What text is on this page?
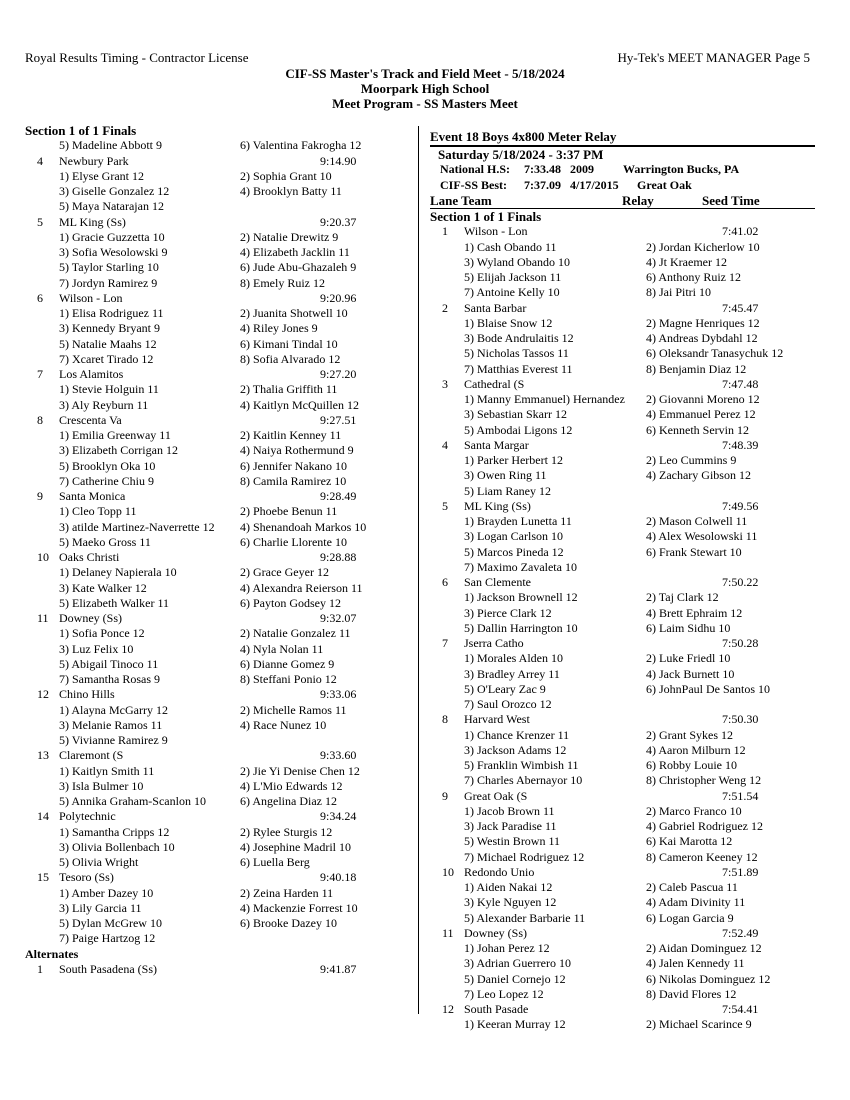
Royal Results Timing - Contractor License	Hy-Tek's MEET MANAGER Page 5
CIF-SS Master's Track and Field Meet - 5/18/2024
Moorpark High School
Meet Program - SS Masters Meet
Section 1 of 1 Finals
5) Madeline Abbott 9	6) Valentina Fakrogha 12
4 Newbury Park	9:14.90
1) Elyse Grant 12	2) Sophia Grant 10
3) Giselle Gonzalez 12	4) Brooklyn Batty 11
5) Maya Natarajan 12
5 ML King (Ss)	9:20.37
1) Gracie Guzzetta 10	2) Natalie Drewitz 9
3) Sofia Wesolowski 9	4) Elizabeth Jacklin 11
5) Taylor Starling 10	6) Jude Abu-Ghazaleh 9
7) Jordyn Ramirez 9	8) Emely Ruiz 12
6 Wilson - Lon	9:20.96
1) Elisa Rodriguez 11	2) Juanita Shotwell 10
3) Kennedy Bryant 9	4) Riley Jones 9
5) Natalie Maahs 12	6) Kimani Tindal 10
7) Xcaret Tirado 12	8) Sofia Alvarado 12
7 Los Alamitos	9:27.20
1) Stevie Holguin 11	2) Thalia Griffith 11
3) Aly Reyburn 11	4) Kaitlyn McQuillen 12
8 Crescenta Va	9:27.51
1) Emilia Greenway 11	2) Kaitlin Kenney 11
3) Elizabeth Corrigan 12	4) Naiya Rothermund 9
5) Brooklyn Oka 10	6) Jennifer Nakano 10
7) Catherine Chiu 9	8) Camila Ramirez 10
9 Santa Monica	9:28.49
1) Cleo Topp 11	2) Phoebe Benun 11
3) atilde Martinez-Naverrette 12	4) Shenandoah Markos 10
5) Maeko Gross 11	6) Charlie Llorente 10
10 Oaks Christi	9:28.88
1) Delaney Napierala 10	2) Grace Geyer 12
3) Kate Walker 12	4) Alexandra Reierson 11
5) Elizabeth Walker 11	6) Payton Godsey 12
11 Downey (Ss)	9:32.07
1) Sofia Ponce 12	2) Natalie Gonzalez 11
3) Luz Felix 10	4) Nyla Nolan 11
5) Abigail Tinoco 11	6) Dianne Gomez 9
7) Samantha Rosas 9	8) Steffani Ponio 12
12 Chino Hills	9:33.06
1) Alayna McGarry 12	2) Michelle Ramos 11
3) Melanie Ramos 11	4) Race Nunez 10
5) Vivianne Ramirez 9
13 Claremont (S	9:33.60
1) Kaitlyn Smith 11	2) Jie Yi Denise Chen 12
3) Isla Bulmer 10	4) L'Mio Edwards 12
5) Annika Graham-Scanlon 10	6) Angelina Diaz 12
14 Polytechnic	9:34.24
1) Samantha Cripps 12	2) Rylee Sturgis 12
3) Olivia Bollenbach 10	4) Josephine Madril 10
5) Olivia Wright	6) Luella Berg
15 Tesoro (Ss)	9:40.18
1) Amber Dazey 10	2) Zeina Harden 11
3) Lily Garcia 11	4) Mackenzie Forrest 10
5) Dylan McGrew 10	6) Brooke Dazey 10
7) Paige Hartzog 12
Alternates
1 South Pasadena (Ss)	9:41.87
Event 18 Boys 4x800 Meter Relay
Saturday 5/18/2024 - 3:37 PM
National H.S: 7:33.48 2009 Warrington Bucks, PA
CIF-SS Best: 7:37.09 4/17/2015 Great Oak
Lane Team	Relay	Seed Time
Section 1 of 1 Finals
1 Wilson - Lon	7:41.02
1) Cash Obando 11	2) Jordan Kicherlow 10
3) Wyland Obando 10	4) Jt Kraemer 12
5) Elijah Jackson 11	6) Anthony Ruiz 12
7) Antoine Kelly 10	8) Jai Pitri 10
2 Santa Barbar	7:45.47
1) Blaise Snow 12	2) Magne Henriques 12
3) Bode Andrulaitis 12	4) Andreas Dybdahl 12
5) Nicholas Tassos 11	6) Oleksandr Tanasychuk 12
7) Matthias Everest 11	8) Benjamin Diaz 12
3 Cathedral (S	7:47.48
1) Manny Emmanuel) Hernandez	2) Giovanni Moreno 12
3) Sebastian Skarr 12	4) Emmanuel Perez 12
5) Ambodai Ligons 12	6) Kenneth Servin 12
4 Santa Margar	7:48.39
1) Parker Herbert 12	2) Leo Cummins 9
3) Owen Ring 11	4) Zachary Gibson 12
5) Liam Raney 12
5 ML King (Ss)	7:49.56
1) Brayden Lunetta 11	2) Mason Colwell 11
3) Logan Carlson 10	4) Alex Wesolowski 11
5) Marcos Pineda 12	6) Frank Stewart 10
7) Maximo Zavaleta 10
6 San Clemente	7:50.22
1) Jackson Brownell 12	2) Taj Clark 12
3) Pierce Clark 12	4) Brett Ephraim 12
5) Dallin Harrington 10	6) Laim Sidhu 10
7 Jserra Catho	7:50.28
1) Morales Alden 10	2) Luke Friedl 10
3) Bradley Arrey 11	4) Jack Burnett 10
5) O'Leary Zac 9	6) JohnPaul De Santos 10
7) Saul Orozco 12
8 Harvard West	7:50.30
1) Chance Krenzer 11	2) Grant Sykes 12
3) Jackson Adams 12	4) Aaron Milburn 12
5) Franklin Wimbish 11	6) Robby Louie 10
7) Charles Abernayor 10	8) Christopher Weng 12
9 Great Oak (S	7:51.54
1) Jacob Brown 11	2) Marco Franco 10
3) Jack Paradise 11	4) Gabriel Rodriguez 12
5) Westin Brown 11	6) Kai Marotta 12
7) Michael Rodriguez 12	8) Cameron Keeney 12
10 Redondo Unio	7:51.89
1) Aiden Nakai 12	2) Caleb Pascua 11
3) Kyle Nguyen 12	4) Adam Divinity 11
5) Alexander Barbarie 11	6) Logan Garcia 9
11 Downey (Ss)	7:52.49
1) Johan Perez 12	2) Aidan Dominguez 12
3) Adrian Guerrero 10	4) Jalen Kennedy 11
5) Daniel Cornejo 12	6) Nikolas Dominguez 12
7) Leo Lopez 12	8) David Flores 12
12 South Pasade	7:54.41
1) Keeran Murray 12	2) Michael Scarince 9
